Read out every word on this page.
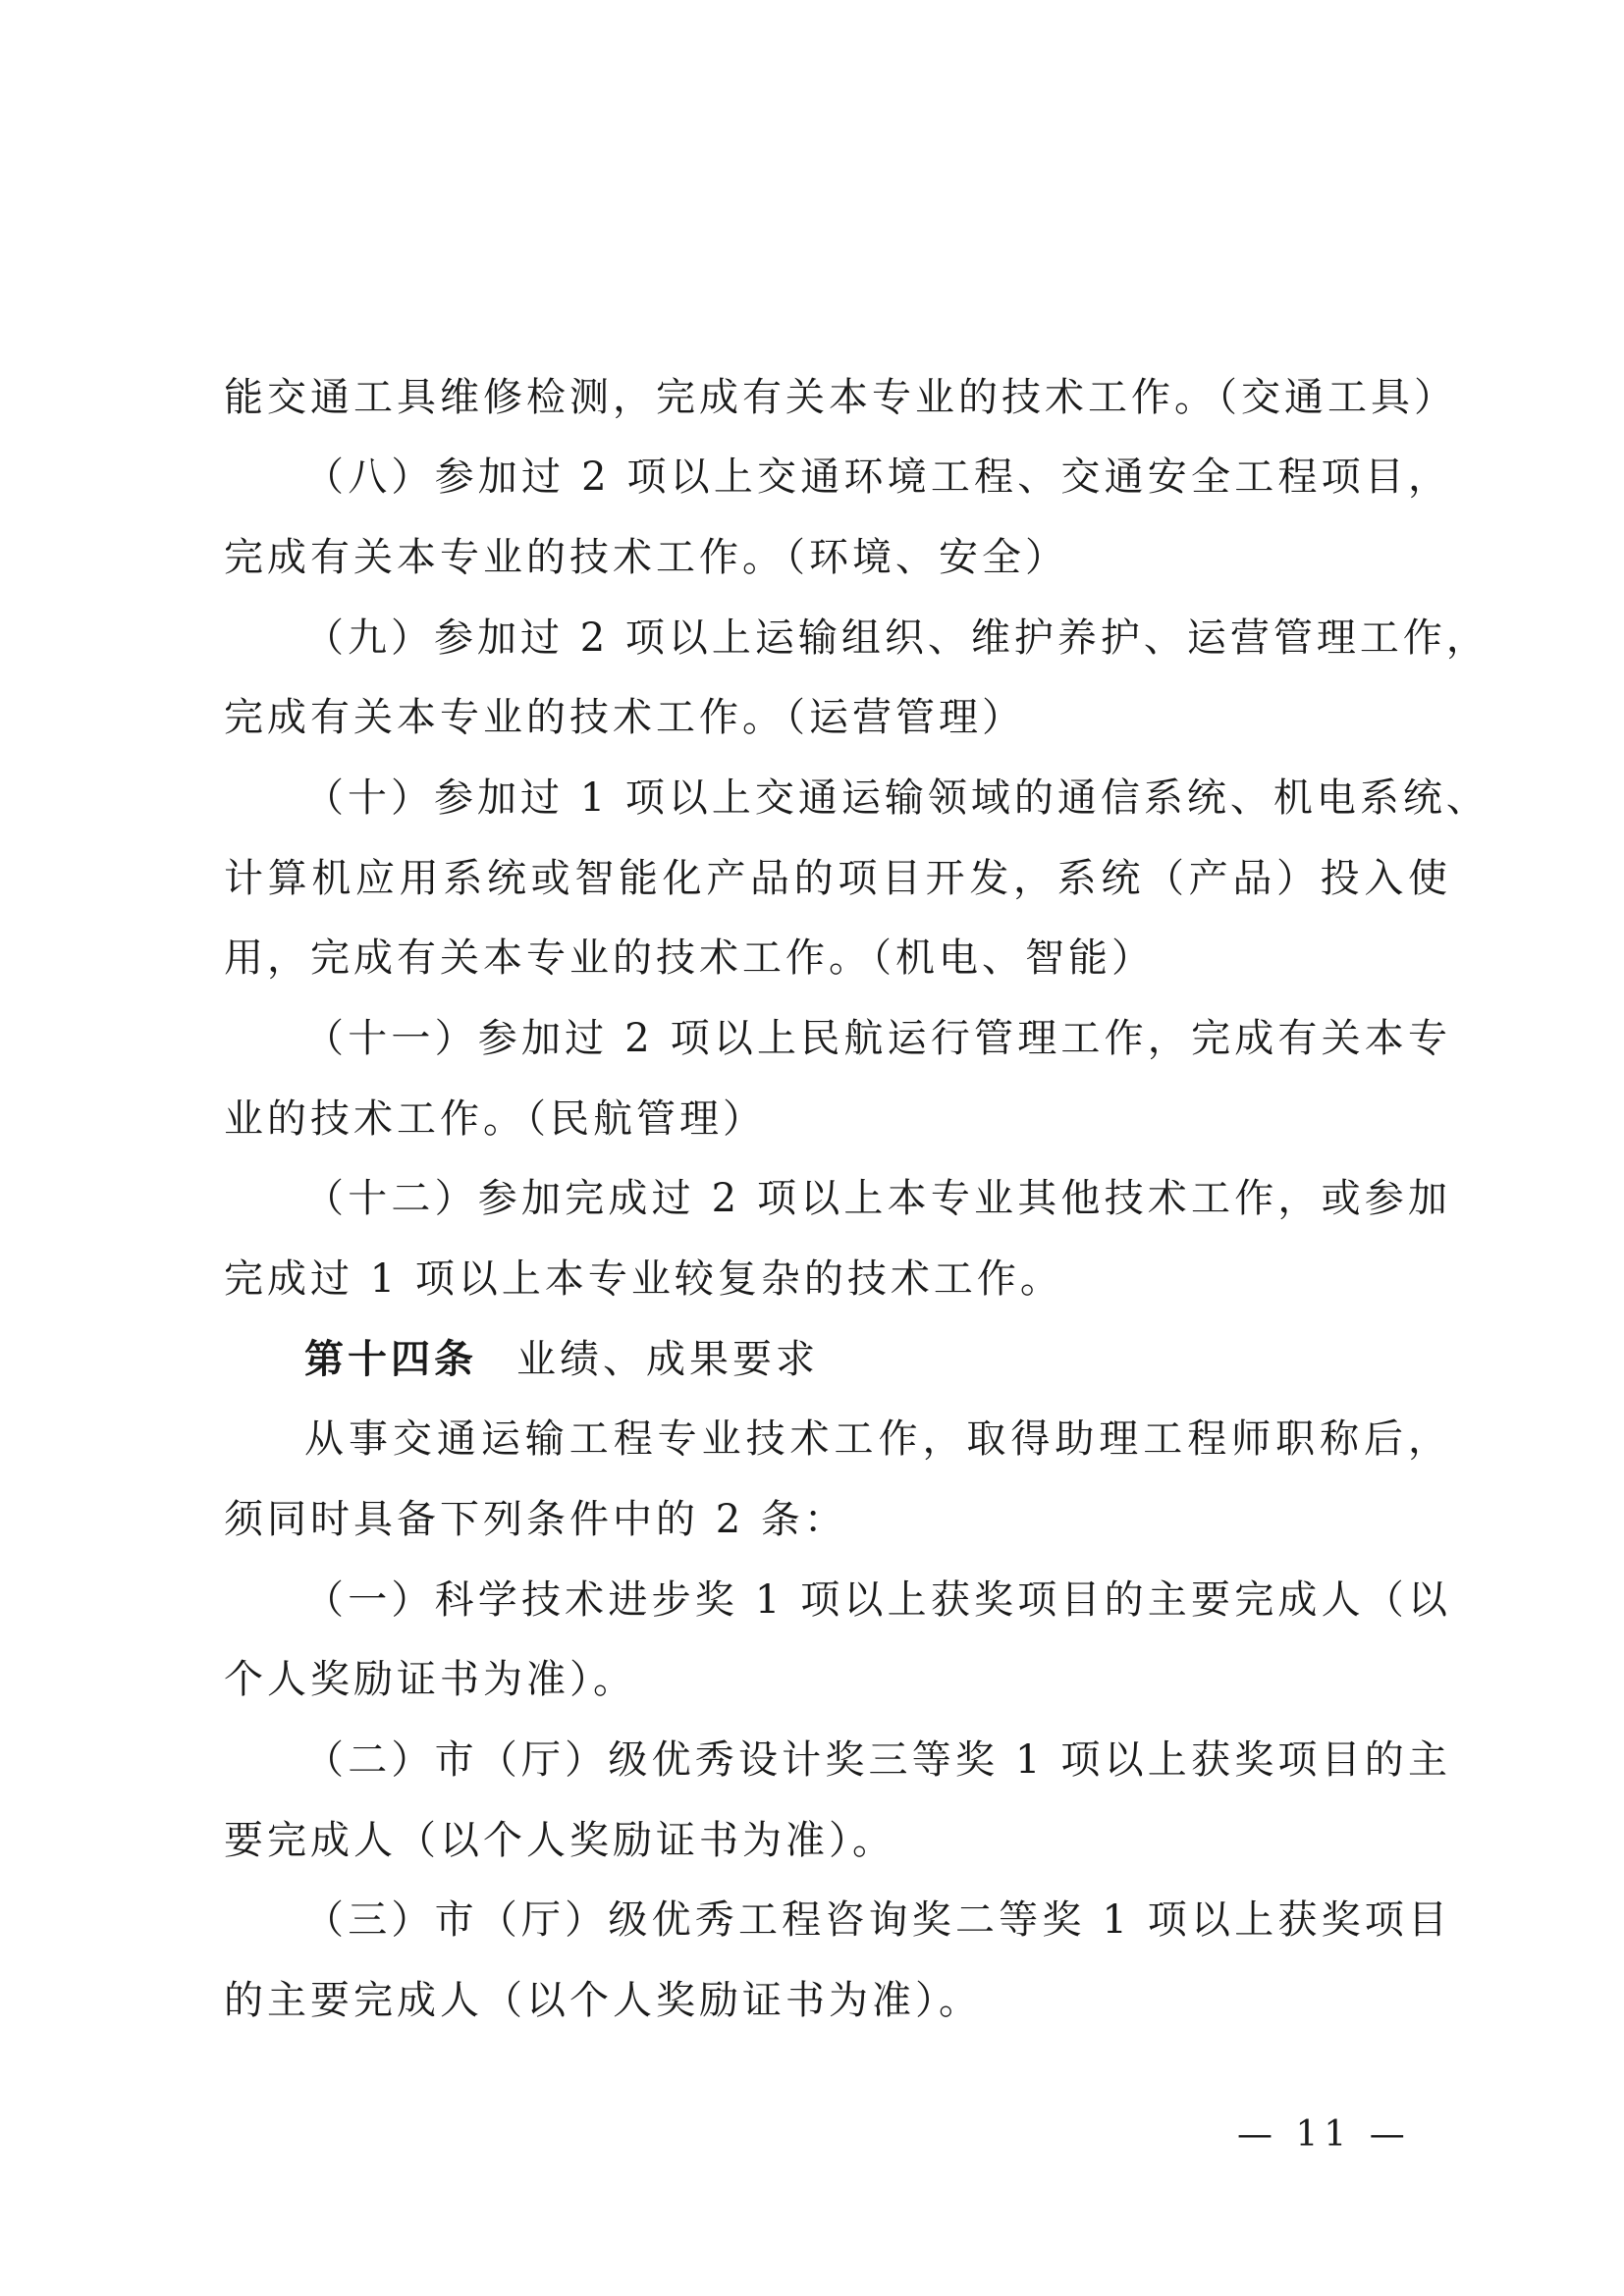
能交通工具维修检测，完成有关本专业的技术工作。（交通工具）
（八）参加过 2 项以上交通环境工程、交通安全工程项目，
完成有关本专业的技术工作。（环境、安全）
（九）参加过 2 项以上运输组织、维护养护、运营管理工作，
完成有关本专业的技术工作。（运营管理）
（十）参加过 1 项以上交通运输领域的通信系统、机电系统、
计算机应用系统或智能化产品的项目开发，系统（产品）投入使
用，完成有关本专业的技术工作。（机电、智能）
（十一）参加过 2 项以上民航运行管理工作，完成有关本专
业的技术工作。（民航管理）
（十二）参加完成过 2 项以上本专业其他技术工作，或参加
完成过 1 项以上本专业较复杂的技术工作。
第十四条 业绩、成果要求
从事交通运输工程专业技术工作，取得助理工程师职称后，
须同时具备下列条件中的 2 条：
（一）科学技术进步奖 1 项以上获奖项目的主要完成人（以
个人奖励证书为准）。
（二）市（厅）级优秀设计奖三等奖 1 项以上获奖项目的主
要完成人（以个人奖励证书为准）。
（三）市（厅）级优秀工程咨询奖二等奖 1 项以上获奖项目
的主要完成人（以个人奖励证书为准）。
— 11 —
